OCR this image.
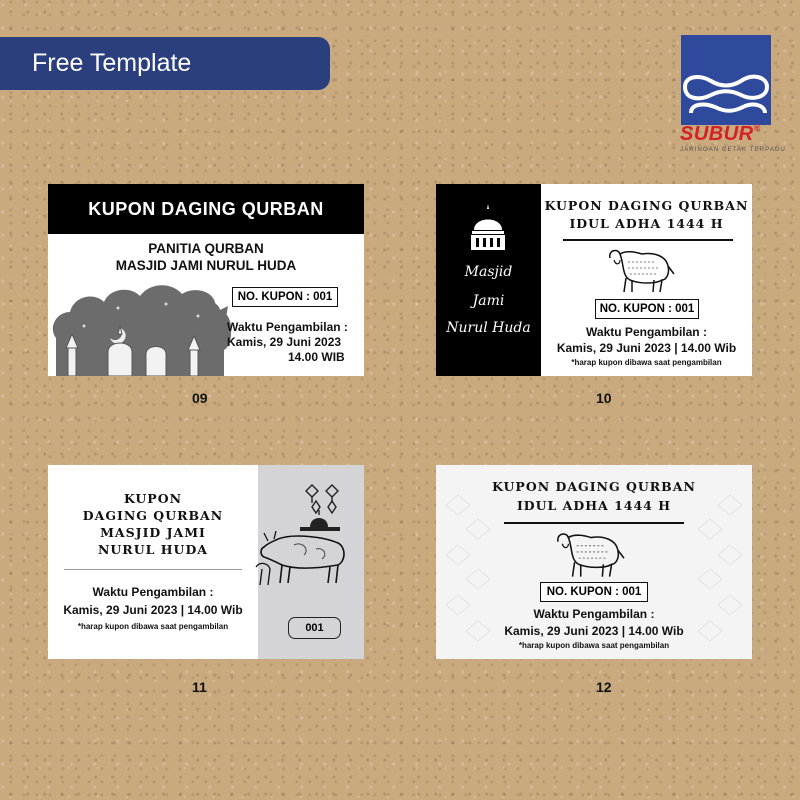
Free Template
SUBUR®
JARINGAN CETAK TERPADU
KUPON DAGING QURBAN
PANITIA QURBAN
MASJID JAMI NURUL HUDA
NO. KUPON : 001
Waktu Pengambilan :
Kamis, 29 Juni 2023
14.00 WIB
09
Masjid
Jami
Nurul Huda
KUPON DAGING QURBAN
IDUL ADHA 1444 H
NO. KUPON : 001
Waktu Pengambilan :
Kamis, 29 Juni 2023 | 14.00 Wib
*harap kupon dibawa saat pengambilan
10
KUPON
DAGING QURBAN
MASJID JAMI
NURUL HUDA
Waktu Pengambilan :
Kamis, 29 Juni 2023 | 14.00 Wib
*harap kupon dibawa saat pengambilan	001
11
KUPON DAGING QURBAN
IDUL ADHA 1444 H
NO. KUPON : 001
Waktu Pengambilan :
Kamis, 29 Juni 2023 | 14.00 Wib
*harap kupon dibawa saat pengambilan
12
